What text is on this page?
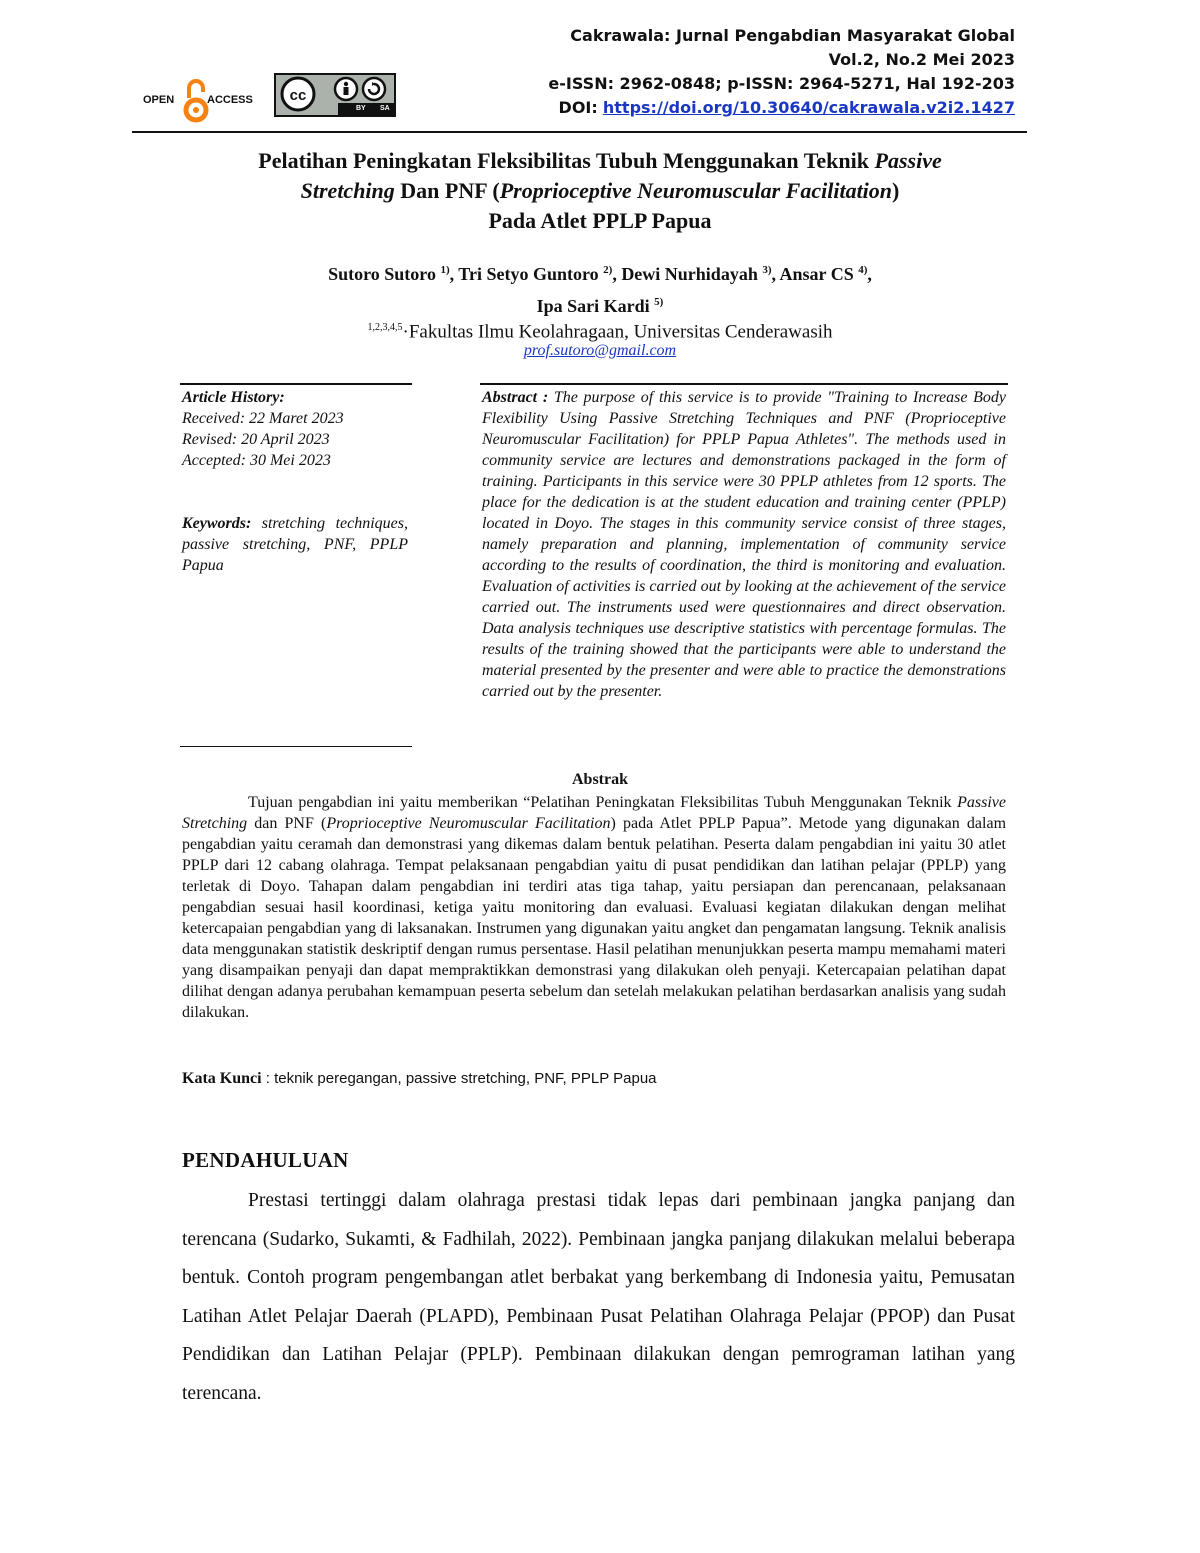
OPEN	ACCESS cc
BY SA
Cakrawala: Jurnal Pengabdian Masyarakat Global
Vol.2, No.2 Mei 2023
e-ISSN: 2962-0848; p-ISSN: 2964-5271, Hal 192-203
DOI: https://doi.org/10.30640/cakrawala.v2i2.1427
Pelatihan Peningkatan Fleksibilitas Tubuh Menggunakan Teknik Passive
Stretching Dan PNF (Proprioceptive Neuromuscular Facilitation)
Pada Atlet PPLP Papua
Sutoro Sutoro $^{1)}$, Tri Setyo Guntoro $^{2)}$, Dewi Nurhidayah $^{3)}$, Ansar CS $^{4)}$,
Ipa Sari Kardi $^{5)}$
$^{1,2,3,4,5}$·Fakultas Ilmu Keolahragaan, Universitas Cenderawasih
prof.sutoro@gmail.com
Article History:
Received: 22 Maret 2023
Revised: 20 April 2023
Accepted: 30 Mei 2023
Keywords: stretching techniques, passive stretching, PNF, PPLP Papua
Abstract : The purpose of this service is to provide "Training to Increase Body Flexibility Using Passive Stretching Techniques and PNF (Proprioceptive Neuromuscular Facilitation) for PPLP Papua Athletes". The methods used in community service are lectures and demonstrations packaged in the form of training. Participants in this service were 30 PPLP athletes from 12 sports. The place for the dedication is at the student education and training center (PPLP) located in Doyo. The stages in this community service consist of three stages, namely preparation and planning, implementation of community service according to the results of coordination, the third is monitoring and evaluation. Evaluation of activities is carried out by looking at the achievement of the service carried out. The instruments used were questionnaires and direct observation. Data analysis techniques use descriptive statistics with percentage formulas. The results of the training showed that the participants were able to understand the material presented by the presenter and were able to practice the demonstrations carried out by the presenter.
Abstrak
Tujuan pengabdian ini yaitu memberikan “Pelatihan Peningkatan Fleksibilitas Tubuh Menggunakan Teknik Passive Stretching dan PNF (Proprioceptive Neuromuscular Facilitation) pada Atlet PPLP Papua”. Metode yang digunakan dalam pengabdian yaitu ceramah dan demonstrasi yang dikemas dalam bentuk pelatihan. Peserta dalam pengabdian ini yaitu 30 atlet PPLP dari 12 cabang olahraga. Tempat pelaksanaan pengabdian yaitu di pusat pendidikan dan latihan pelajar (PPLP) yang terletak di Doyo. Tahapan dalam pengabdian ini terdiri atas tiga tahap, yaitu persiapan dan perencanaan, pelaksanaan pengabdian sesuai hasil koordinasi, ketiga yaitu monitoring dan evaluasi. Evaluasi kegiatan dilakukan dengan melihat ketercapaian pengabdian yang di laksanakan. Instrumen yang digunakan yaitu angket dan pengamatan langsung. Teknik analisis data menggunakan statistik deskriptif dengan rumus persentase. Hasil pelatihan menunjukkan peserta mampu memahami materi yang disampaikan penyaji dan dapat mempraktikkan demonstrasi yang dilakukan oleh penyaji. Ketercapaian pelatihan dapat dilihat dengan adanya perubahan kemampuan peserta sebelum dan setelah melakukan pelatihan berdasarkan analisis yang sudah dilakukan.
Kata Kunci : teknik peregangan, passive stretching, PNF, PPLP Papua
PENDAHULUAN
Prestasi tertinggi dalam olahraga prestasi tidak lepas dari pembinaan jangka panjang dan terencana (Sudarko, Sukamti, & Fadhilah, 2022). Pembinaan jangka panjang dilakukan melalui beberapa bentuk. Contoh program pengembangan atlet berbakat yang berkembang di Indonesia yaitu, Pemusatan Latihan Atlet Pelajar Daerah (PLAPD), Pembinaan Pusat Pelatihan Olahraga Pelajar (PPOP) dan Pusat Pendidikan dan Latihan Pelajar (PPLP). Pembinaan dilakukan dengan pemrograman latihan yang terencana.
